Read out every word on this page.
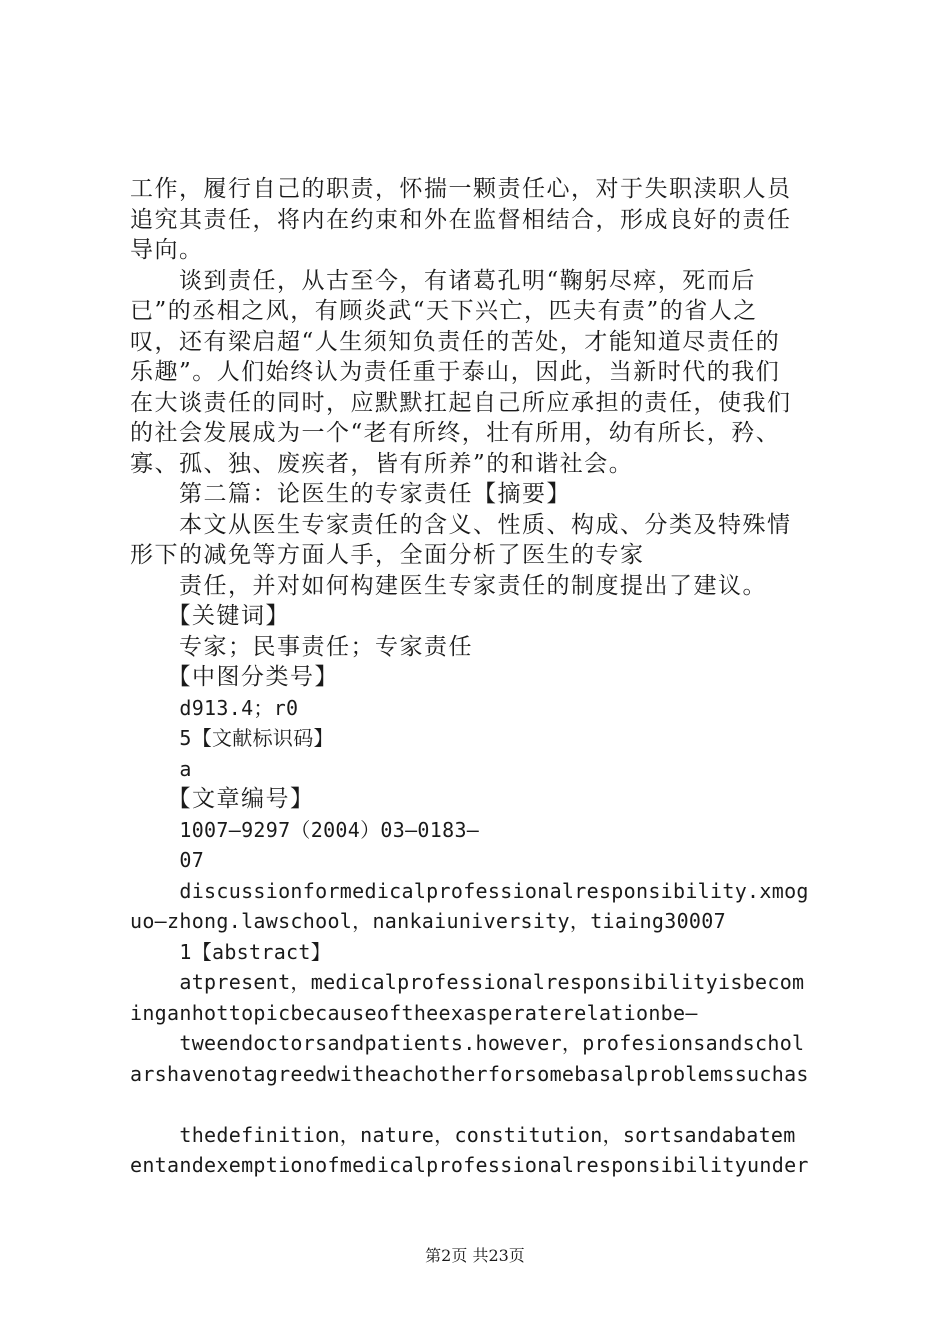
工作，履行自己的职责，怀揣一颗责任心，对于失职渎职人员
追究其责任，将内在约束和外在监督相结合，形成良好的责任
导向。
　　谈到责任，从古至今，有诸葛孔明“鞠躬尽瘁，死而后
已”的丞相之风，有顾炎武“天下兴亡，匹夫有责”的省人之
叹，还有梁启超“人生须知负责任的苦处，才能知道尽责任的
乐趣”。人们始终认为责任重于泰山，因此，当新时代的我们
在大谈责任的同时，应默默扛起自己所应承担的责任，使我们
的社会发展成为一个“老有所终，壮有所用，幼有所长，矜、
寡、孤、独、废疾者，皆有所养”的和谐社会。
　　第二篇：论医生的专家责任【摘要】
　　本文从医生专家责任的含义、性质、构成、分类及特殊情
形下的减免等方面人手，全面分析了医生的专家
　　责任，并对如何构建医生专家责任的制度提出了建议。
　　【关键词】
　　专家；民事责任；专家责任
　　【中图分类号】
d913.4；r0
5【文献标识码】
a
　　【文章编号】
1007—9297（2004）03—0183—
07
discussionformedicalprofessionalresponsibility.xmog
uo—zhong.lawschool，nankaiuniversity，tiaing30007
1【abstract】
atpresent，medicalprofessionalresponsibilityisbecom
inganhottopicbecauseoftheexasperaterelationbe—
tweendoctorsandpatients.however，profesionsandschol
arshavenotagreedwitheachotherforsomebasalproblemssuchas
thedefinition，nature，constitution，sortsandabatem
entandexemptionofmedicalprofessionalresponsibilityunder
第2页 共23页
